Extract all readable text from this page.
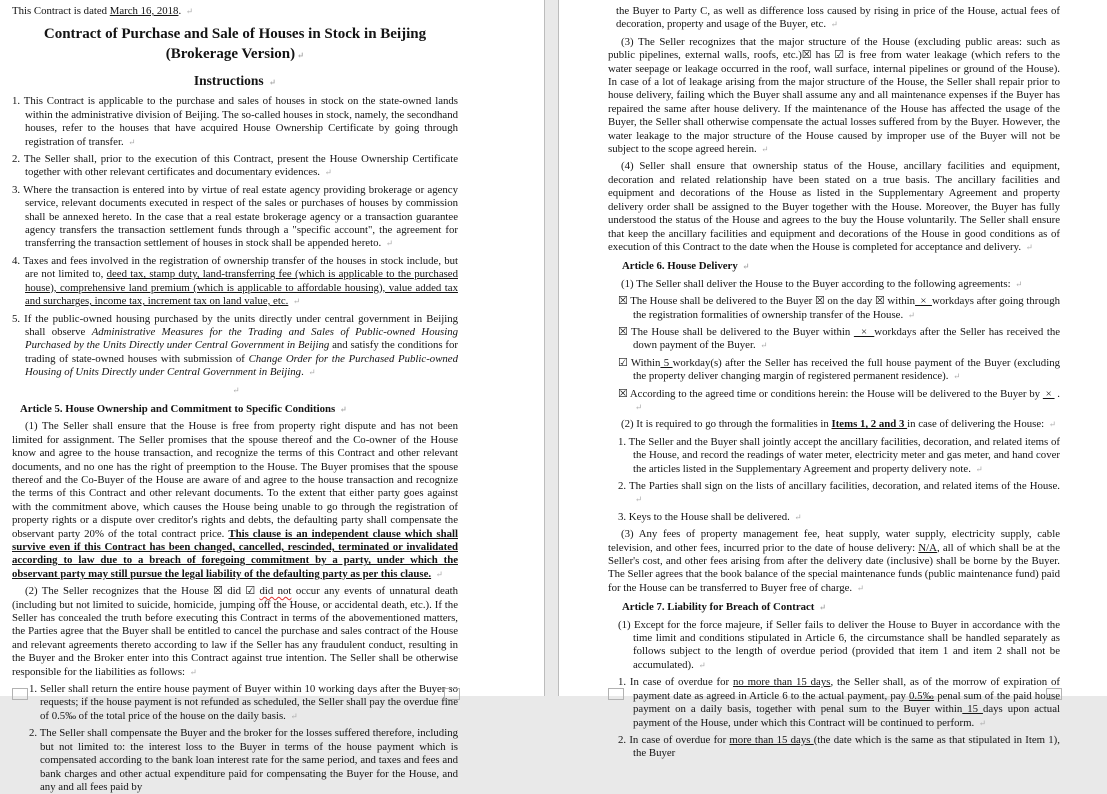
This Contract is dated March 16, 2018. ↵

Contract of Purchase and Sale of Houses in Stock in Beijing (Brokerage Version) ↵

Instructions ↵

1. This Contract is applicable to the purchase and sales of houses in stock on the state-owned lands within the administrative division of Beijing. The so-called houses in stock, namely, the secondhand houses, refer to the houses that have acquired House Ownership Certificate by going through registration of transfer. ↵

2. The Seller shall, prior to the execution of this Contract, present the House Ownership Certificate together with other relevant certificates and documentary evidences. ↵

3. Where the transaction is entered into by virtue of real estate agency providing brokerage or agency service, relevant documents executed in respect of the sales or purchases of houses by commission shall be annexed hereto. In the case that a real estate brokerage agency or a transaction guarantee agency transfers the transaction settlement funds through a "specific account", the agreement for transferring the transaction settlement of houses in stock shall be appended hereto. ↵

4. Taxes and fees involved in the registration of ownership transfer of the houses in stock include, but are not limited to, deed tax, stamp duty, land-transferring fee (which is applicable to the purchased house), comprehensive land premium (which is applicable to affordable housing), value added tax and surcharges, income tax, increment tax on land value, etc. ↵

5. If the public-owned housing purchased by the units directly under central government in Beijing shall observe Administrative Measures for the Trading and Sales of Public-owned Housing Purchased by the Units Directly under Central Government in Beijing and satisfy the conditions for trading of state-owned houses with submission of Change Order for the Purchased Public-owned Housing of Units Directly under Central Government in Beijing. ↵

↵

Article 5. House Ownership and Commitment to Specific Conditions ↵

(1) The Seller shall ensure that the House is free from property right dispute and has not been limited for assignment. The Seller promises that the spouse thereof and the Co-owner of the House know and agree to the house transaction, and recognize the terms of this Contract and other relevant documents, and no one has the right of preemption to the House. The Buyer promises that the spouse thereof and the Co-Buyer of the House are aware of and agree to the house transaction and recognize the terms of this Contract and other relevant documents. To the extent that either party goes against with the commitment above, which causes the House being unable to go through the registration of property rights or a dispute over creditor's rights and debts, the defaulting party shall compensate the observant party 20% of the total contract price. This clause is an independent clause which shall survive even if this Contract has been changed, cancelled, rescinded, terminated or invalidated according to law due to a breach of foregoing commitment by a party, under which the observant party may still pursue the legal liability of the defaulting party as per this clause. ↵

(2) The Seller recognizes that the House ☒ did ☑ did not occur any events of unnatural death (including but not limited to suicide, homicide, jumping off the House, or accidental death, etc.). If the Seller has concealed the truth before executing this Contract in terms of the abovementioned matters, the Parties agree that the Buyer shall be entitled to cancel the purchase and sales contract of the House and relevant agreements thereto according to law if the Seller has any fraudulent conduct, resulting in the Buyer and the Broker enter into this Contract against true intention. The Seller shall be otherwise responsible for the liabilities as follows: ↵

1. Seller shall return the entire house payment of Buyer within 10 working days after the Buyer so requests; if the house payment is not refunded as scheduled, the Seller shall pay the overdue fine of 0.5‰ of the total price of the house on the daily basis. ↵

2. The Seller shall compensate the Buyer and the broker for the losses suffered therefore, including but not limited to: the interest loss to the Buyer in terms of the house payment which is compensated according to the bank loan interest rate for the same period, and taxes and fees and bank charges and other actual expenditure paid for compensating the Buyer for the House, and any and all fees paid by

the Buyer to Party C, as well as difference loss caused by rising in price of the House, actual fees of decoration, property and usage of the Buyer, etc. ↵

(3) The Seller recognizes that the major structure of the House (excluding public areas: such as public pipelines, external walls, roofs, etc.)☒ has ☑ is free from water leakage (which refers to the water seepage or leakage occurred in the roof, wall surface, internal pipelines or ground of the House). In case of a lot of leakage arising from the major structure of the House, the Seller shall repair prior to house delivery, failing which the Buyer shall assume any and all maintenance expenses if the Buyer has repaired the same after house delivery. If the maintenance of the House has affected the usage of the Buyer, the Seller shall otherwise compensate the actual losses suffered from by the Buyer. However, the water leakage to the major structure of the House caused by improper use of the Buyer will not be subject to the scope agreed herein. ↵

(4) Seller shall ensure that ownership status of the House, ancillary facilities and equipment, decoration and related relationship have been stated on a true basis. The ancillary facilities and equipment and decorations of the House as listed in the Supplementary Agreement and property delivery order shall be assigned to the Buyer together with the House. Moreover, the Buyer has fully understood the status of the House and agrees to the buy the House voluntarily. The Seller shall ensure that keep the ancillary facilities and equipment and decorations of the House in good conditions as of execution of this Contract to the date when the House is completed for acceptance and delivery. ↵

Article 6. House Delivery ↵

(1) The Seller shall deliver the House to the Buyer according to the following agreements: ↵

☒ The House shall be delivered to the Buyer ☒ on the day ☒ within  ×  workdays after going through the registration formalities of ownership transfer of the House. ↵

☒ The House shall be delivered to the Buyer within   ×  workdays after the Seller has received the down payment of the Buyer. ↵

☑ Within 5 workday(s) after the Seller has received the full house payment of the Buyer (excluding the property deliver changing margin of registered permanent residence). ↵

☒ According to the agreed time or conditions herein: the House will be delivered to the Buyer by  ×  . ↵

(2) It is required to go through the formalities in Items 1, 2 and 3 in case of delivering the House: ↵

1. The Seller and the Buyer shall jointly accept the ancillary facilities, decoration, and related items of the House, and record the readings of water meter, electricity meter and gas meter, and hand cover the articles listed in the Supplementary Agreement and property delivery note. ↵

2. The Parties shall sign on the lists of ancillary facilities, decoration, and related items of the House. ↵

3. Keys to the House shall be delivered. ↵

(3) Any fees of property management fee, heat supply, water supply, electricity supply, cable television, and other fees, incurred prior to the date of house delivery: N/A, all of which shall be at the Seller's cost, and other fees arising from after the delivery date (inclusive) shall be borne by the Buyer. The Seller agrees that the book balance of the special maintenance funds (public maintenance fund) paid for the House can be transferred to Buyer free of charge. ↵

Article 7. Liability for Breach of Contract ↵

(1) Except for the force majeure, if Seller fails to deliver the House to Buyer in accordance with the time limit and conditions stipulated in Article 6, the circumstance shall be handled separately as follows subject to the length of overdue period (provided that item 1 and item 2 shall not be accumulated). ↵

1. In case of overdue for no more than 15 days, the Seller shall, as of the morrow of expiration of payment date as agreed in Article 6 to the actual payment, pay 0.5‰ penal sum of the paid house payment on a daily basis, together with penal sum to the Buyer within 15 days upon actual payment of the House, under which this Contract will be continued to perform. ↵

2. In case of overdue for more than 15 days (the date which is the same as that stipulated in Item 1), the Buyer
